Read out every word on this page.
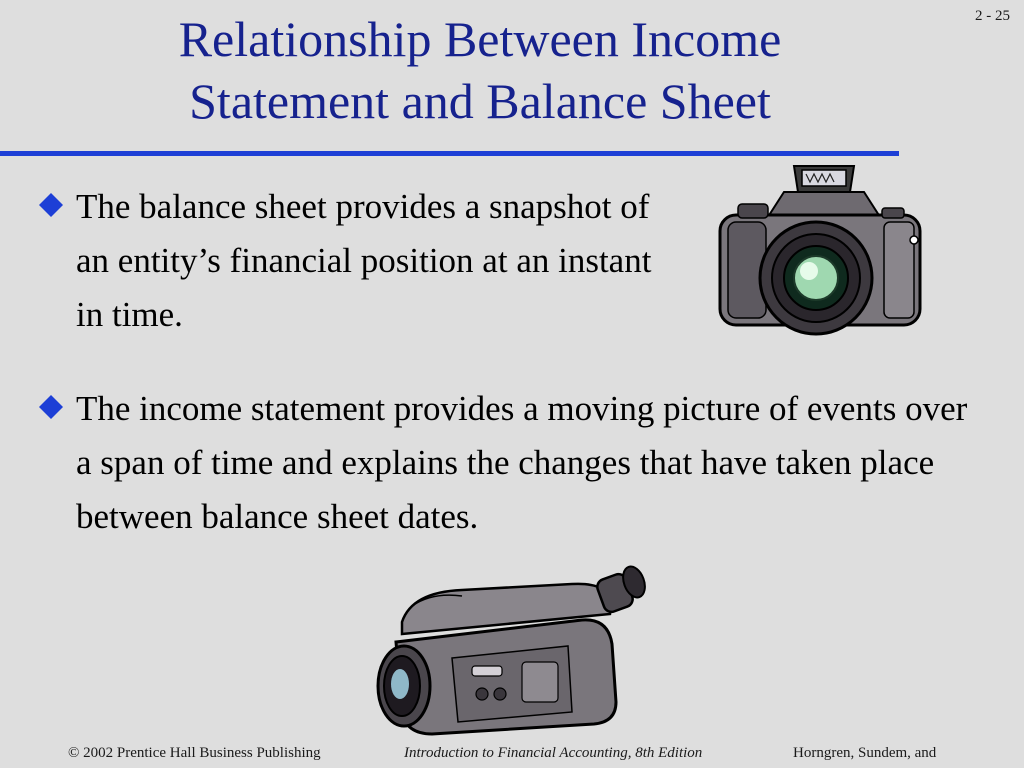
2 - 25
Relationship Between Income
Statement and Balance Sheet
The balance sheet provides a snapshot of an entity’s financial position at an instant in time.
The income statement provides a moving picture of events over a span of time and explains the changes that have taken place between balance sheet dates.
© 2002 Prentice Hall Business Publishing	Introduction to Financial Accounting, 8th Edition	Horngren, Sundem, and
